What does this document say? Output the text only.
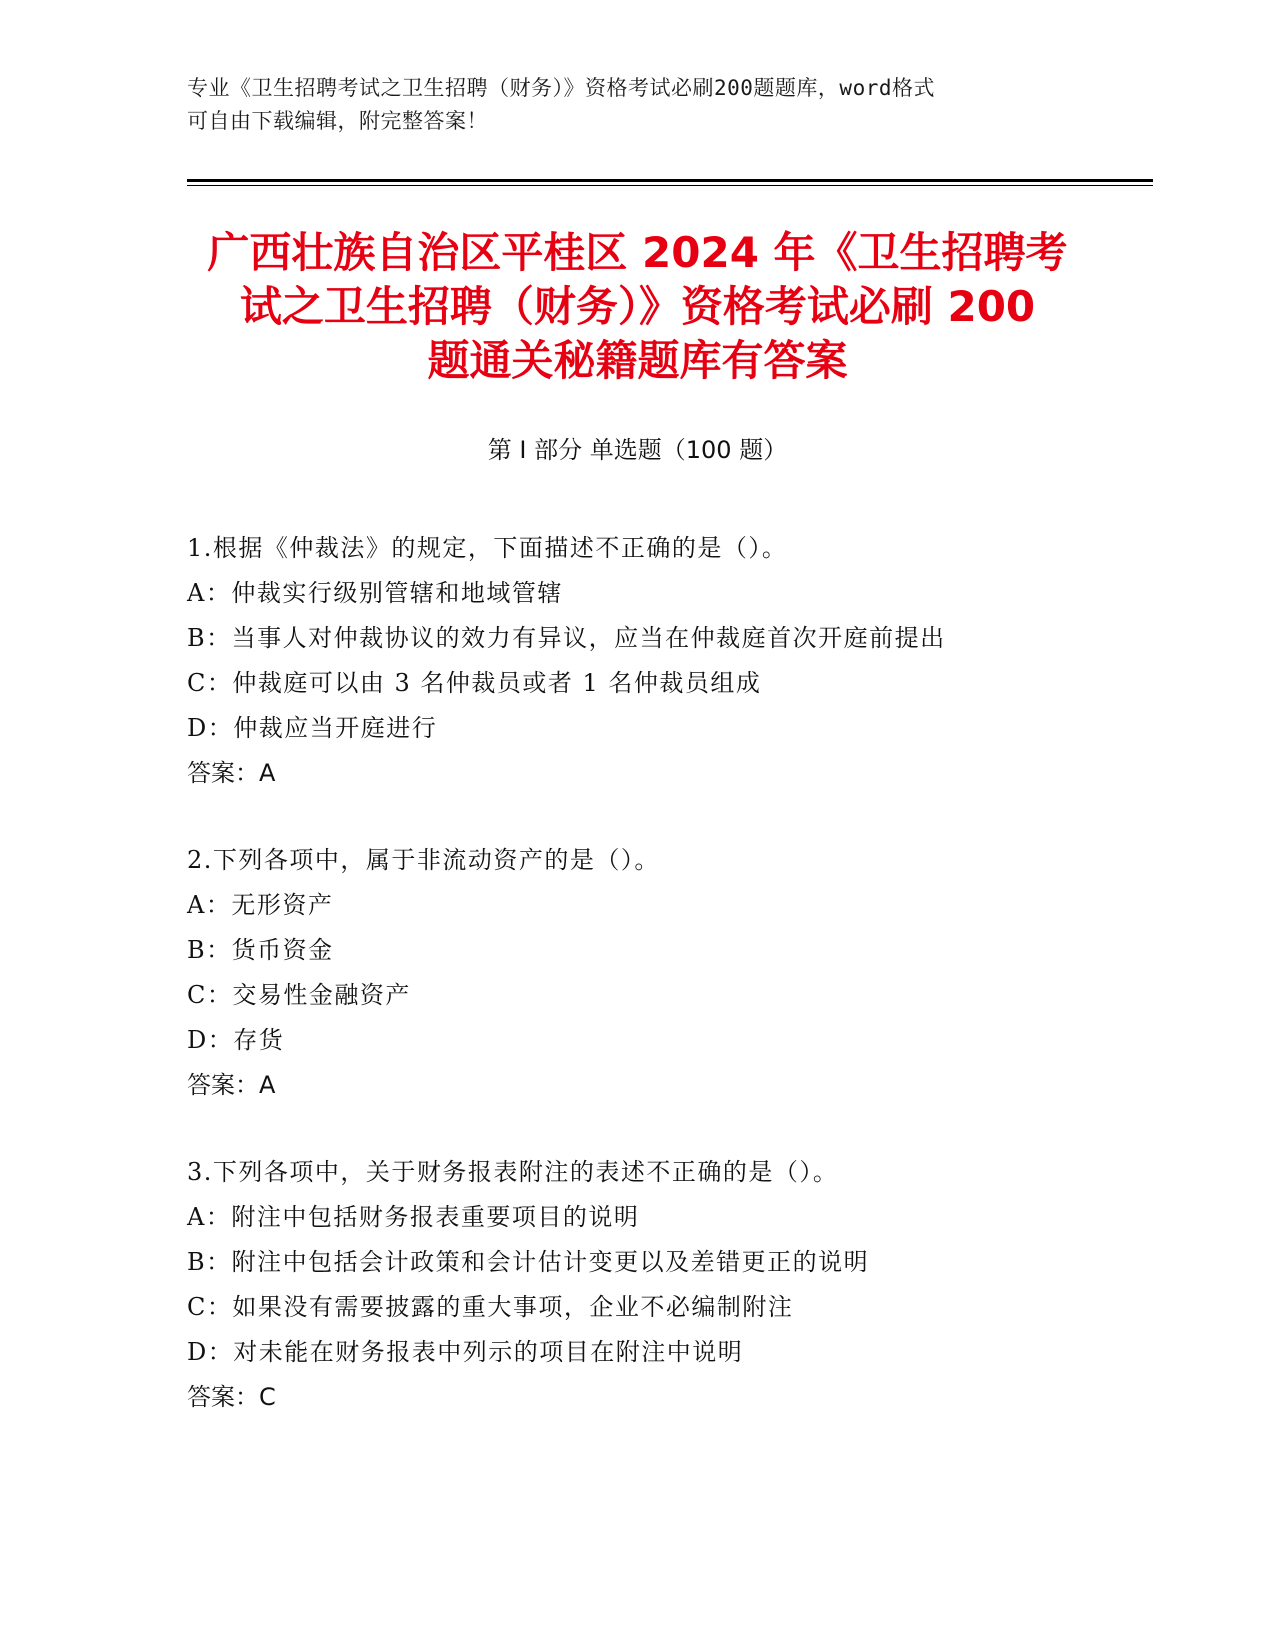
专业《卫生招聘考试之卫生招聘（财务）》资格考试必刷200题题库，word格式
可自由下载编辑，附完整答案！
广西壮族自治区平桂区 2024 年《卫生招聘考
试之卫生招聘（财务）》资格考试必刷 200
题通关秘籍题库有答案
第 I 部分 单选题（100 题）
1.根据《仲裁法》的规定，下面描述不正确的是（）。
A：仲裁实行级别管辖和地域管辖
B：当事人对仲裁协议的效力有异议，应当在仲裁庭首次开庭前提出
C：仲裁庭可以由 3 名仲裁员或者 1 名仲裁员组成
D：仲裁应当开庭进行
答案：A
2.下列各项中，属于非流动资产的是（）。
A：无形资产
B：货币资金
C：交易性金融资产
D：存货
答案：A
3.下列各项中，关于财务报表附注的表述不正确的是（）。
A：附注中包括财务报表重要项目的说明
B：附注中包括会计政策和会计估计变更以及差错更正的说明
C：如果没有需要披露的重大事项，企业不必编制附注
D：对未能在财务报表中列示的项目在附注中说明
答案：C
